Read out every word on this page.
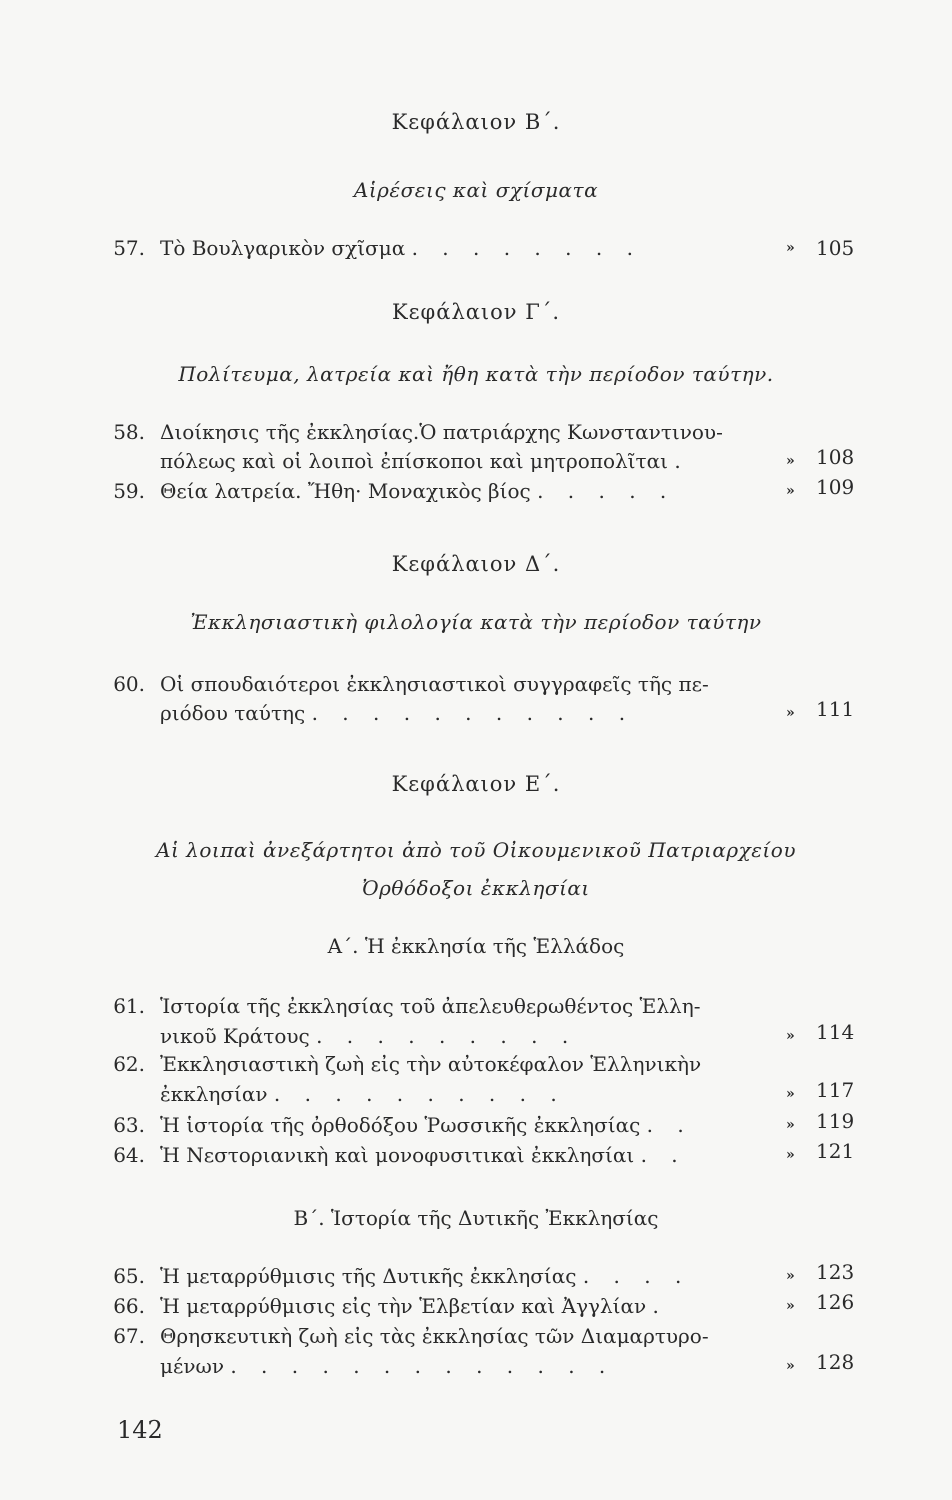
Κεφάλαιον Β΄.
Αἱρέσεις καὶ σχίσματα
57. Τὸ Βουλγαρικὸν σχῖσμα . . . . . . . .	» 105
Κεφάλαιον Γ΄.
Πολίτευμα, λατρεία καὶ ἤθη κατὰ τὴν περίοδον ταύτην.
58. Διοίκησις τῆς ἐκκλησίας.Ὁ πατριάρχης Κωνσταντινου-
πόλεως καὶ οἱ λοιποὶ ἐπίσκοποι καὶ μητροπολῖται .	» 108
59. Θεία λατρεία. Ἤθη· Μοναχικὸς βίος . . . . .	» 109
Κεφάλαιον Δ΄.
Ἐκκλησιαστικὴ φιλολογία κατὰ τὴν περίοδον ταύτην
60. Οἱ σπουδαιότεροι ἐκκλησιαστικοὶ συγγραφεῖς τῆς πε-
ριόδου ταύτης . . . . . . . . . . .	» 111
Κεφάλαιον Ε΄.
Αἱ λοιπαὶ ἀνεξάρτητοι ἀπὸ τοῦ Οἰκουμενικοῦ Πατριαρχείου
Ὀρθόδοξοι ἐκκλησίαι
Α΄. Ἡ ἐκκλησία τῆς Ἑλλάδος
61. Ἱστορία τῆς ἐκκλησίας τοῦ ἀπελευθερωθέντος Ἑλλη-
νικοῦ Κράτους . . . . . . . . .	» 114
62. Ἐκκλησιαστικὴ ζωὴ εἰς τὴν αὐτοκέφαλον Ἑλληνικὴν
ἐκκλησίαν . . . . . . . . . .	» 117
63. Ἡ ἱστορία τῆς ὀρθοδόξου Ῥωσσικῆς ἐκκλησίας . .	» 119
64. Ἡ Νεστοριανικὴ καὶ μονοφυσιτικαὶ ἐκκλησίαι . .	» 121
Β΄. Ἱστορία τῆς Δυτικῆς Ἐκκλησίας
65. Ἡ μεταρρύθμισις τῆς Δυτικῆς ἐκκλησίας . . . .	» 123
66. Ἡ μεταρρύθμισις εἰς τὴν Ἑλβετίαν καὶ Ἀγγλίαν .	» 126
67. Θρησκευτικὴ ζωὴ εἰς τὰς ἐκκλησίας τῶν Διαμαρτυρο-
μένων . . . . . . . . . . . . .	» 128
142
